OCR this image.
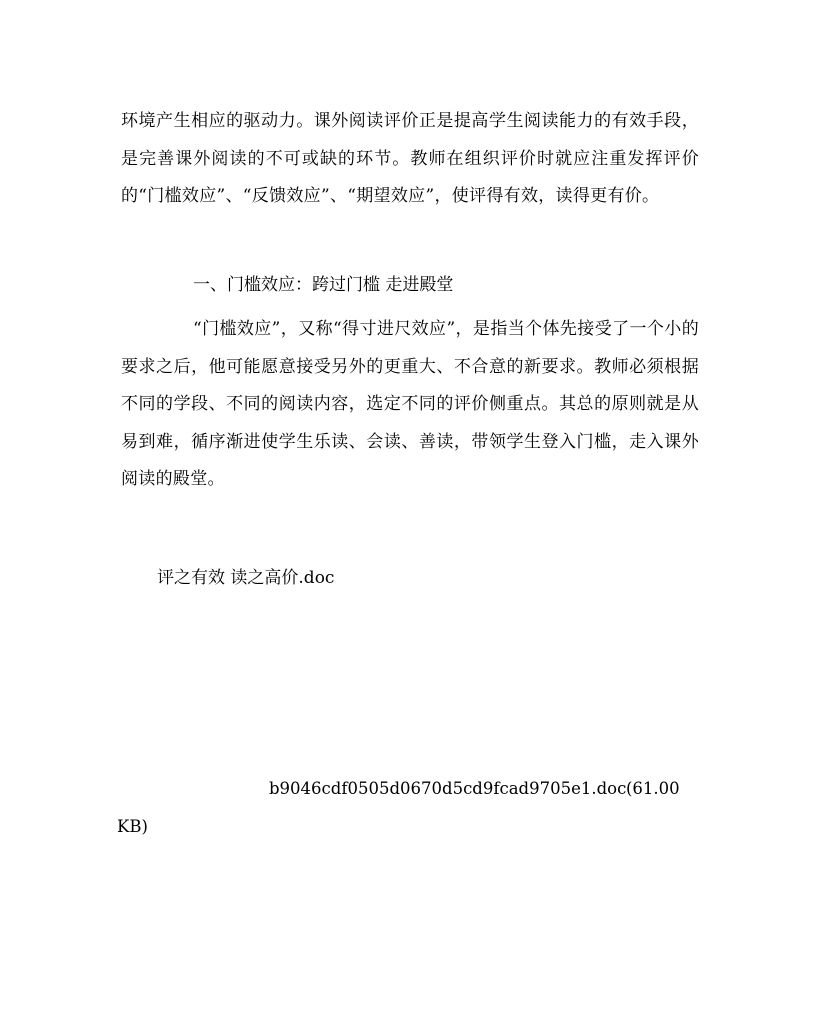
环境产生相应的驱动力。课外阅读评价正是提高学生阅读能力的有效手段，是完善课外阅读的不可或缺的环节。教师在组织评价时就应注重发挥评价的“门槛效应”、“反馈效应”、“期望效应”，使评得有效，读得更有价。

一、门槛效应：跨过门槛 走进殿堂

“门槛效应”，又称“得寸进尺效应”，是指当个体先接受了一个小的要求之后，他可能愿意接受另外的更重大、不合意的新要求。教师必须根据不同的学段、不同的阅读内容，选定不同的评价侧重点。其总的原则就是从易到难，循序渐进使学生乐读、会读、善读，带领学生登入门槛，走入课外阅读的殿堂。

评之有效 读之高价.doc

b9046cdf0505d0670d5cd9fcad9705e1.doc (61.00
KB)
